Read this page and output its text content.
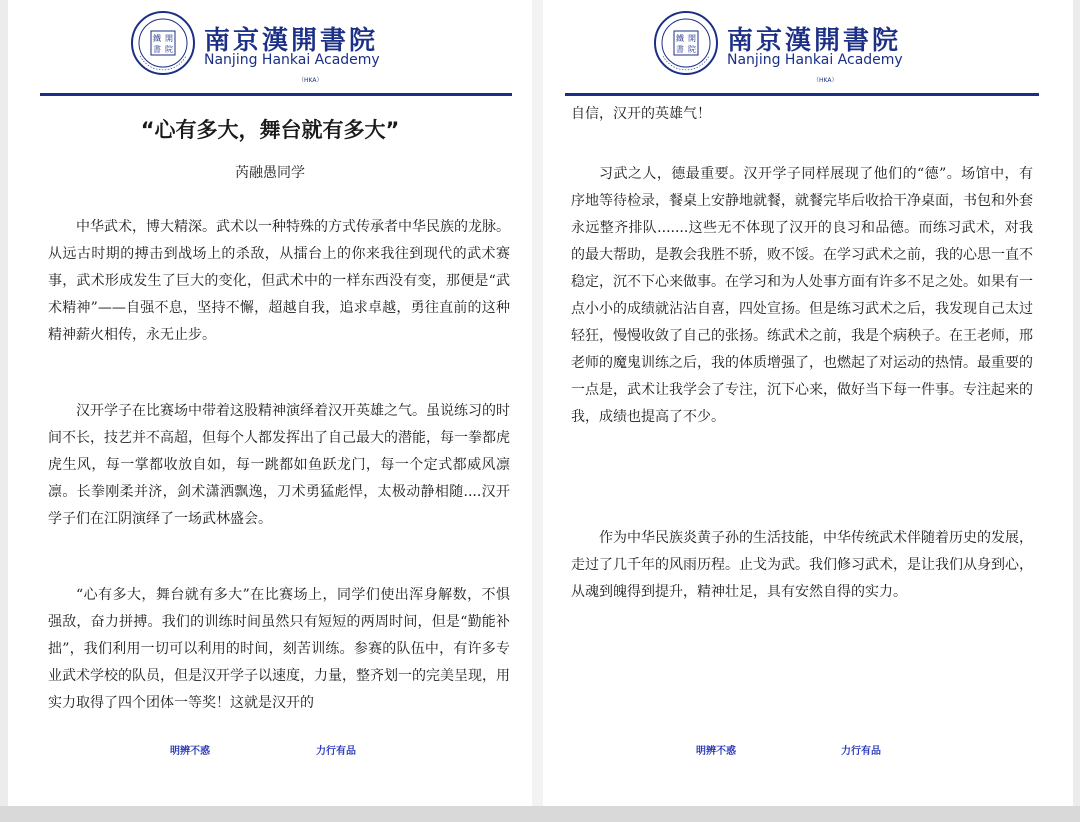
鐵 開
書 院 南京漢開書院
Nanjing Hankai Academy
（HKA）
“心有多大，舞台就有多大”
芮融愚同学

中华武术，博大精深。武术以一种特殊的方式传承者中华民族的龙脉。从远古时期的搏击到战场上的杀敌，从擂台上的你来我往到现代的武术赛事，武术形成发生了巨大的变化，但武术中的一样东西没有变，那便是“武术精神”——自强不息，坚持不懈，超越自我，追求卓越，勇往直前的这种精神薪火相传，永无止步。

汉开学子在比赛场中带着这股精神演绎着汉开英雄之气。虽说练习的时间不长，技艺并不高超，但每个人都发挥出了自己最大的潜能，每一拳都虎虎生风，每一掌都收放自如，每一跳都如鱼跃龙门，每一个定式都威风凛凛。长拳刚柔并济，剑术潇洒飘逸，刀术勇猛彪悍，太极动静相随....汉开学子们在江阴演绎了一场武林盛会。

“心有多大，舞台就有多大”在比赛场上，同学们使出浑身解数，不惧强敌，奋力拼搏。我们的训练时间虽然只有短短的两周时间，但是“勤能补拙”，我们利用一切可以利用的时间，刻苦训练。参赛的队伍中，有许多专业武术学校的队员，但是汉开学子以速度，力量，整齐划一的完美呈现，用实力取得了四个团体一等奖！这就是汉开的

明辨不惑	力行有品
鐵 開
書 院 南京漢開書院
Nanjing Hankai Academy
（HKA）

自信，汉开的英雄气！

习武之人，德最重要。汉开学子同样展现了他们的“德”。场馆中，有序地等待检录，餐桌上安静地就餐，就餐完毕后收拾干净桌面，书包和外套永远整齐排队.......这些无不体现了汉开的良习和品德。而练习武术，对我的最大帮助，是教会我胜不骄，败不馁。在学习武术之前，我的心思一直不稳定，沉不下心来做事。在学习和为人处事方面有许多不足之处。如果有一点小小的成绩就沾沾自喜，四处宣扬。但是练习武术之后，我发现自己太过轻狂，慢慢收敛了自己的张扬。练武术之前，我是个病秧子。在王老师，邢老师的魔鬼训练之后，我的体质增强了，也燃起了对运动的热情。最重要的一点是，武术让我学会了专注，沉下心来，做好当下每一件事。专注起来的我，成绩也提高了不少。

作为中华民族炎黄子孙的生活技能，中华传统武术伴随着历史的发展，走过了几千年的风雨历程。止戈为武。我们修习武术，是让我们从身到心，从魂到魄得到提升，精神壮足，具有安然自得的实力。

明辨不惑	力行有品
